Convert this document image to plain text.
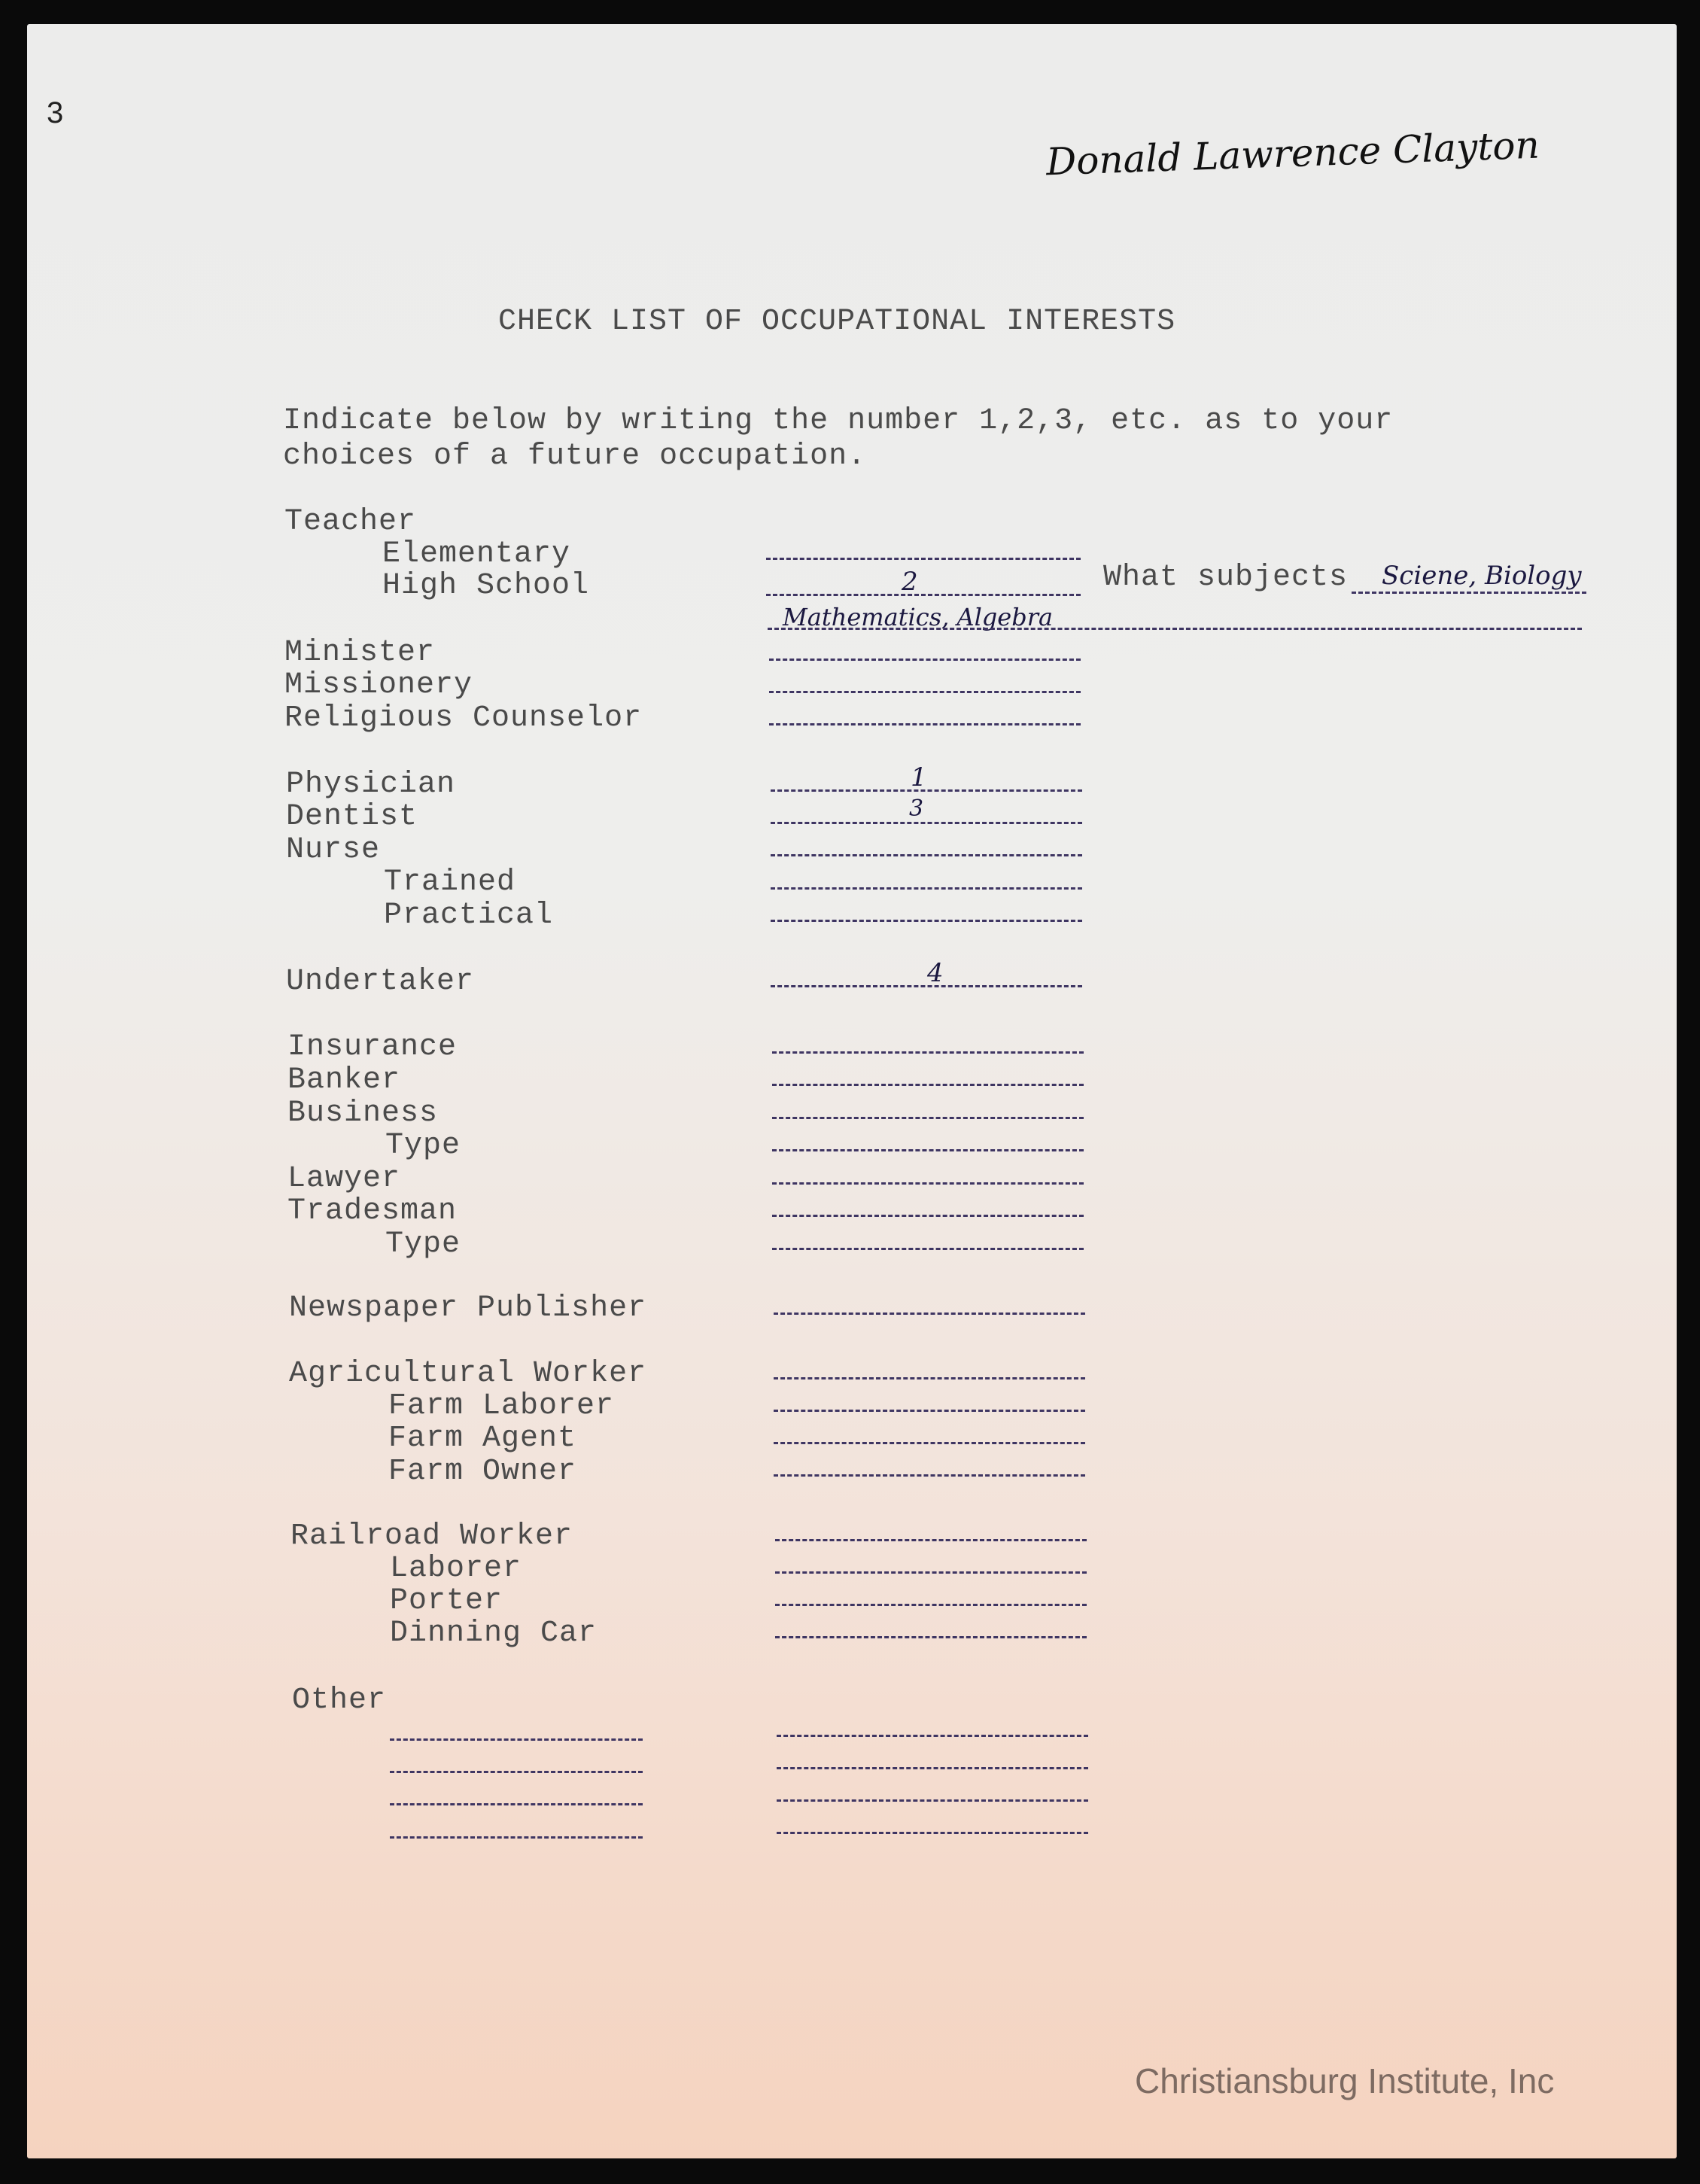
3
Donald Lawrence Clayton
CHECK LIST OF OCCUPATIONAL INTERESTS
Indicate below by writing the number 1,2,3, etc. as to your
choices of a future occupation.
Teacher
Elementary
High School	2	What subjects Sciene, Biology
Mathematics, Algebra
Minister
Missionery
Religious Counselor
Physician	1
Dentist	3
Nurse
Trained
Practical
Undertaker	4
Insurance
Banker
Business
Type
Lawyer
Tradesman
Type
Newspaper Publisher
Agricultural Worker
Farm Laborer
Farm Agent
Farm Owner
Railroad Worker
Laborer
Porter
Dinning Car
Other
Christiansburg Institute, Inc
